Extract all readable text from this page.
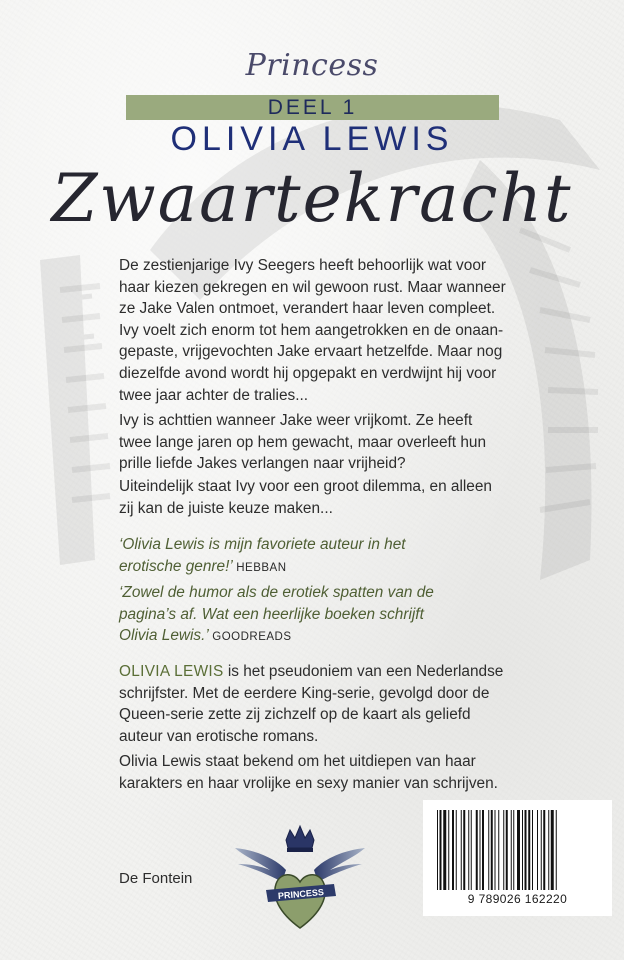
Princess
DEEL 1
OLIVIA LEWIS
Zwaartekracht

De zestienjarige Ivy Seegers heeft behoorlijk wat voor
haar kiezen gekregen en wil gewoon rust. Maar wanneer
ze Jake Valen ontmoet, verandert haar leven compleet.
Ivy voelt zich enorm tot hem aangetrokken en de onaan-
gepaste, vrijgevochten Jake ervaart hetzelfde. Maar nog
diezelfde avond wordt hij opgepakt en verdwijnt hij voor
twee jaar achter de tralies...

Ivy is achttien wanneer Jake weer vrijkomt. Ze heeft
twee lange jaren op hem gewacht, maar overleeft hun
prille liefde Jakes verlangen naar vrijheid?

Uiteindelijk staat Ivy voor een groot dilemma, en alleen
zij kan de juiste keuze maken...

‘Olivia Lewis is mijn favoriete auteur in het
erotische genre!’ HEBBAN
‘Zowel de humor als de erotiek spatten van de
pagina’s af. Wat een heerlijke boeken schrijft
Olivia Lewis.’ GOODREADS
OLIVIA LEWIS is het pseudoniem van een Nederlandse
schrijfster. Met de eerdere King-serie, gevolgd door de
Queen-serie zette zij zichzelf op de kaart als geliefd
auteur van erotische romans.

Olivia Lewis staat bekend om het uitdiepen van haar
karakters en haar vrolijke en sexy manier van schrijven.

De Fontein
PRINCESS	9 789026 162220
